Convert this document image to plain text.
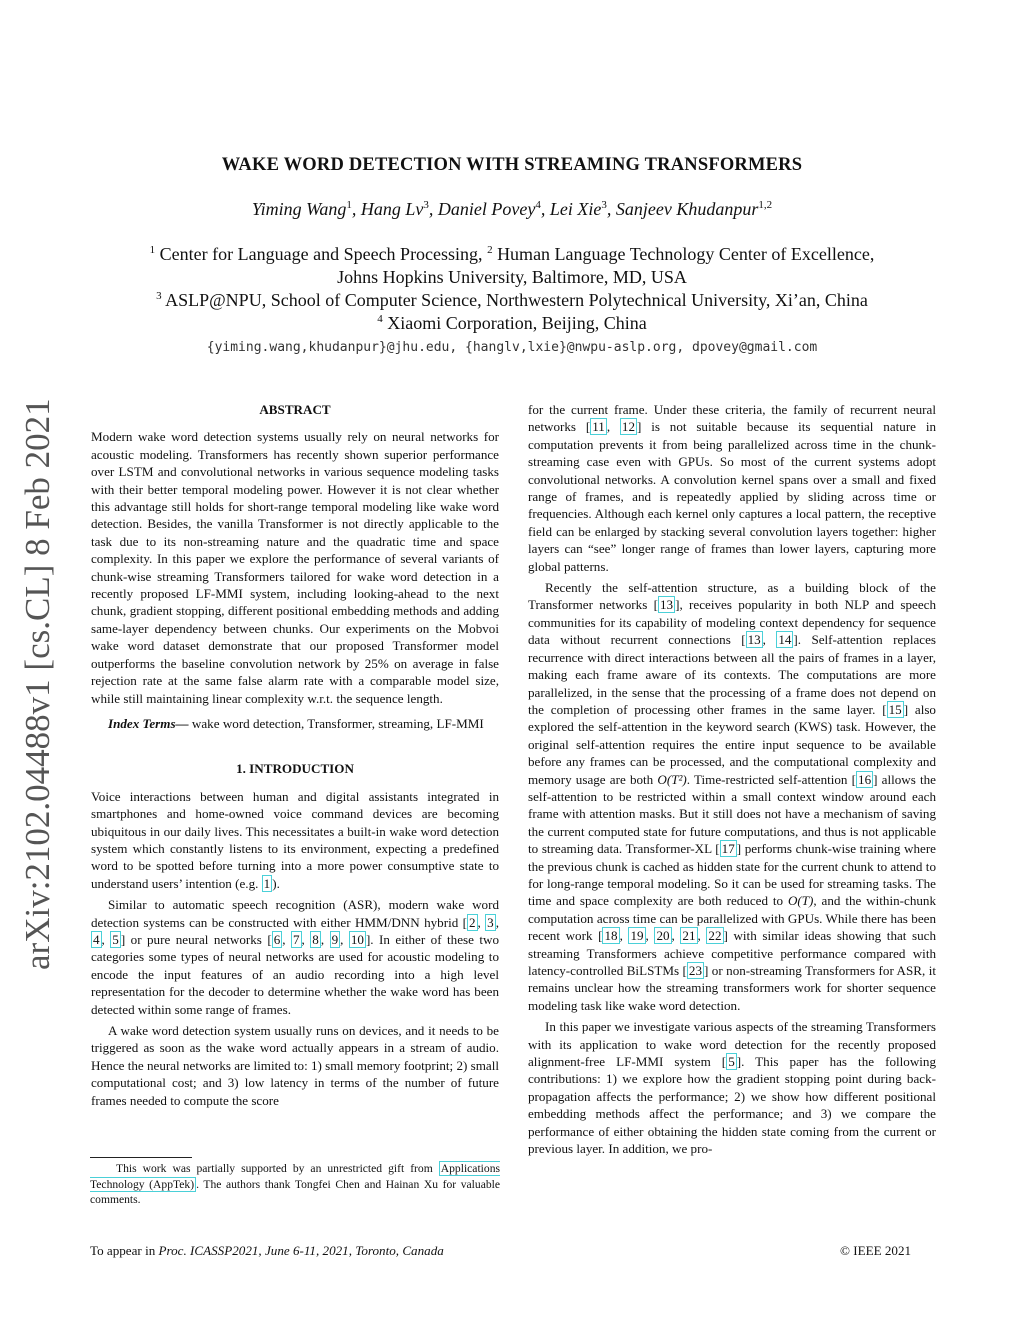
arXiv:2102.04488v1 [cs.CL] 8 Feb 2021
WAKE WORD DETECTION WITH STREAMING TRANSFORMERS
Yiming Wang$^1$, Hang Lv$^3$, Daniel Povey$^4$, Lei Xie$^3$, Sanjeev Khudanpur$^{1,2}$
$^1$ Center for Language and Speech Processing, $^2$ Human Language Technology Center of Excellence,
Johns Hopkins University, Baltimore, MD, USA
$^3$ ASLP@NPU, School of Computer Science, Northwestern Polytechnical University, Xi’an, China
$^4$ Xiaomi Corporation, Beijing, China
{yiming.wang,khudanpur}@jhu.edu, {hanglv,lxie}@nwpu-aslp.org, dpovey@gmail.com
ABSTRACT

Modern wake word detection systems usually rely on neural networks for acoustic modeling. Transformers has recently shown superior performance over LSTM and convolutional networks in various sequence modeling tasks with their better temporal modeling power. However it is not clear whether this advantage still holds for short-range temporal modeling like wake word detection. Besides, the vanilla Transformer is not directly applicable to the task due to its non-streaming nature and the quadratic time and space complexity. In this paper we explore the performance of several variants of chunk-wise streaming Transformers tailored for wake word detection in a recently proposed LF-MMI system, including looking-ahead to the next chunk, gradient stopping, different positional embedding methods and adding same-layer dependency between chunks. Our experiments on the Mobvoi wake word dataset demonstrate that our proposed Transformer model outperforms the baseline convolution network by 25% on average in false rejection rate at the same false alarm rate with a comparable model size, while still maintaining linear complexity w.r.t. the sequence length.

Index Terms— wake word detection, Transformer, streaming, LF-MMI

1. INTRODUCTION

Voice interactions between human and digital assistants integrated in smartphones and home-owned voice command devices are becoming ubiquitous in our daily lives. This necessitates a built-in wake word detection system which constantly listens to its environment, expecting a predefined word to be spotted before turning into a more power consumptive state to understand users’ intention (e.g. 1 ).

Similar to automatic speech recognition (ASR), modern wake word detection systems can be constructed with either HMM/DNN hybrid [ 2 , 3 , 4 , 5 ] or pure neural networks [ 6 , 7 , 8 , 9 , 10 ]. In either of these two categories some types of neural networks are used for acoustic modeling to encode the input features of an audio recording into a high level representation for the decoder to determine whether the wake word has been detected within some range of frames.

A wake word detection system usually runs on devices, and it needs to be triggered as soon as the wake word actually appears in a stream of audio. Hence the neural networks are limited to: 1) small memory footprint; 2) small computational cost; and 3) low latency in terms of the number of future frames needed to compute the score

for the current frame. Under these criteria, the family of recurrent neural networks [ 11 , 12 ] is not suitable because its sequential nature in computation prevents it from being parallelized across time in the chunk-streaming case even with GPUs. So most of the current systems adopt convolutional networks. A convolution kernel spans over a small and fixed range of frames, and is repeatedly applied by sliding across time or frequencies. Although each kernel only captures a local pattern, the receptive field can be enlarged by stacking several convolution layers together: higher layers can “see” longer range of frames than lower layers, capturing more global patterns.

Recently the self-attention structure, as a building block of the Transformer networks [ 13 ], receives popularity in both NLP and speech communities for its capability of modeling context dependency for sequence data without recurrent connections [ 13 , 14 ]. Self-attention replaces recurrence with direct interactions between all the pairs of frames in a layer, making each frame aware of its contexts. The computations are more parallelized, in the sense that the processing of a frame does not depend on the completion of processing other frames in the same layer. [ 15 ] also explored the self-attention in the keyword search (KWS) task. However, the original self-attention requires the entire input sequence to be available before any frames can be processed, and the computational complexity and memory usage are both O(T²). Time-restricted self-attention [ 16 ] allows the self-attention to be restricted within a small context window around each frame with attention masks. But it still does not have a mechanism of saving the current computed state for future computations, and thus is not applicable to streaming data. Transformer-XL [ 17 ] performs chunk-wise training where the previous chunk is cached as hidden state for the current chunk to attend to for long-range temporal modeling. So it can be used for streaming tasks. The time and space complexity are both reduced to O(T), and the within-chunk computation across time can be parallelized with GPUs. While there has been recent work [ 18 , 19 , 20 , 21 , 22 ] with similar ideas showing that such streaming Transformers achieve competitive performance compared with latency-controlled BiLSTMs [ 23 ] or non-streaming Transformers for ASR, it remains unclear how the streaming transformers work for shorter sequence modeling task like wake word detection.

In this paper we investigate various aspects of the streaming Transformers with its application to wake word detection for the recently proposed alignment-free LF-MMI system [ 5 ]. This paper has the following contributions: 1) we explore how the gradient stopping point during back-propagation affects the performance; 2) we show how different positional embedding methods affect the performance; and 3) we compare the performance of either obtaining the hidden state coming from the current or previous layer. In addition, we pro-

This work was partially supported by an unrestricted gift from Applications Technology (AppTek) . The authors thank Tongfei Chen and Hainan Xu for valuable comments.
To appear in Proc. ICASSP2021, June 6-11, 2021, Toronto, Canada	© IEEE 2021
